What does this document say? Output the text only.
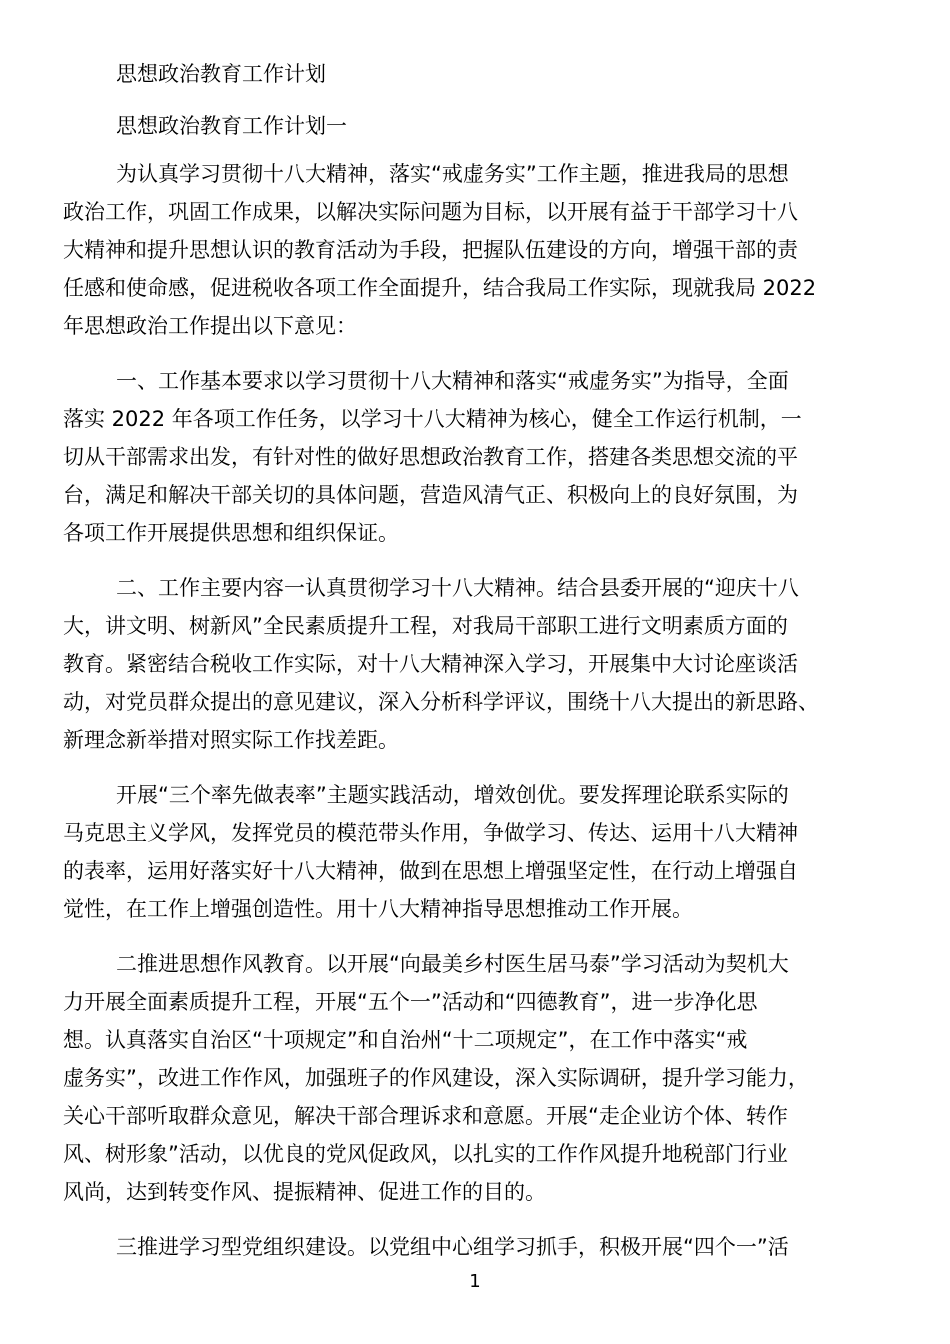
思想政治教育工作计划

思想政治教育工作计划一

为认真学习贯彻十八大精神，落实“戒虚务实”工作主题，推进我局的思想

政治工作，巩固工作成果，以解决实际问题为目标，以开展有益于干部学习十八

大精神和提升思想认识的教育活动为手段，把握队伍建设的方向，增强干部的责

任感和使命感，促进税收各项工作全面提升，结合我局工作实际，现就我局 2022

年思想政治工作提出以下意见：

一、工作基本要求以学习贯彻十八大精神和落实“戒虚务实”为指导，全面

落实 2022 年各项工作任务，以学习十八大精神为核心，健全工作运行机制，一

切从干部需求出发，有针对性的做好思想政治教育工作，搭建各类思想交流的平

台，满足和解决干部关切的具体问题，营造风清气正、积极向上的良好氛围，为

各项工作开展提供思想和组织保证。

二、工作主要内容一认真贯彻学习十八大精神。结合县委开展的“迎庆十八

大，讲文明、树新风”全民素质提升工程，对我局干部职工进行文明素质方面的

教育。紧密结合税收工作实际，对十八大精神深入学习，开展集中大讨论座谈活

动，对党员群众提出的意见建议，深入分析科学评议，围绕十八大提出的新思路、

新理念新举措对照实际工作找差距。

开展“三个率先做表率”主题实践活动，增效创优。要发挥理论联系实际的

马克思主义学风，发挥党员的模范带头作用，争做学习、传达、运用十八大精神

的表率，运用好落实好十八大精神，做到在思想上增强坚定性，在行动上增强自

觉性，在工作上增强创造性。用十八大精神指导思想推动工作开展。

二推进思想作风教育。以开展“向最美乡村医生居马泰”学习活动为契机大

力开展全面素质提升工程，开展“五个一”活动和“四德教育”，进一步净化思

想。认真落实自治区“十项规定”和自治州“十二项规定”，在工作中落实“戒

虚务实”，改进工作作风，加强班子的作风建设，深入实际调研，提升学习能力，

关心干部听取群众意见，解决干部合理诉求和意愿。开展“走企业访个体、转作

风、树形象”活动，以优良的党风促政风，以扎实的工作作风提升地税部门行业

风尚，达到转变作风、提振精神、促进工作的目的。

三推进学习型党组织建设。以党组中心组学习抓手，积极开展“四个一”活

1
